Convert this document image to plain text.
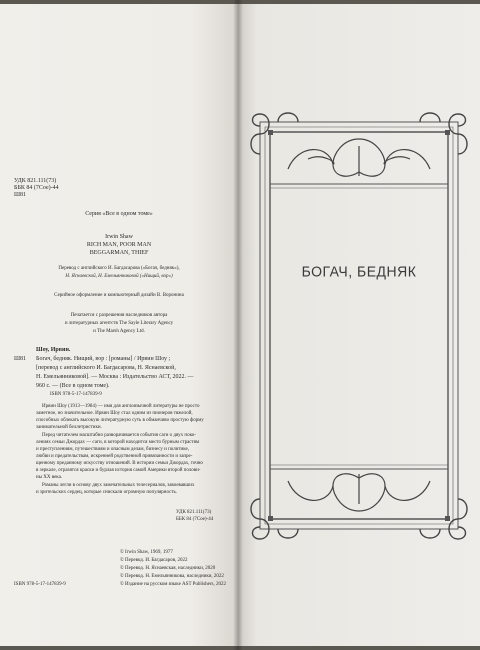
УДК 821.111(73)
ББК 84 (7Сое)-44
Ш81
Серия «Все в одном томе»
Irwin Shaw
RICH MAN, POOR MAN
BEGGARMAN, THIEF
Перевод с английского И. Багдасарова («Богач, бедняк»),
Н. Яснаевской, Н. Емельянниковой («Нищий, вор»)
Серийное оформление и компьютерный дизайн В. Воронина
Печатается с разрешения наследников автора
и литературных агентств The Sayle Literary Agency
и The Marsh Agency Ltd.
Шоу, Ирвин.
Ш81 Богач, бедняк. Нищий, вор : [романы] / Ирвин Шоу ;
[перевод с английского И. Багдасарова, Н. Яснаевской,
Н. Емельянниковой]. — Москва : Издательство АСТ, 2022. —
960 с. — (Все в одном томе).
ISBN 978-5-17-147839-9
Ирвин Шоу (1913—1984) — имя для англоязычной литературы не просто
заметное, но значительное. Ирвин Шоу стал одним из пионеров тяжелой,
способных облекать высокую литературную суть в обманчиво простую форму
занимательной беллетристики.
Перед читателем масштабно разворачивается события саги о двух поко-
лениях семьи Джордах — саги, в которой находится место бурным страстям
и преступлениям, путешествиям и опасным делам, бизнесу и политике,
любви и предательствам, искренней родственной привязанности и запре-
щенному преданному искусству отношений. В истории семьи Джордах, точно
в зеркале, отразятся краски и бурлая история самой Америки второй полови-
ны XX века.
Романы легли в основу двух замечательных телесериалов, завоевавших
и зрительских сердец, которые снискали огромную популярность.
УДК 821.111(73)
ББК 84 (7Сое)-44
© Irwin Shaw, 1969, 1977
© Перевод. И. Багдасаров, 2022
© Перевод. Н. Яснаевская, наследники, 2020
© Перевод. Н. Емельянникова, наследники, 2022
© Издание на русском языке AST Publishers, 2022
ISBN 978-5-17-147839-9
БОГАЧ, БЕДНЯК
